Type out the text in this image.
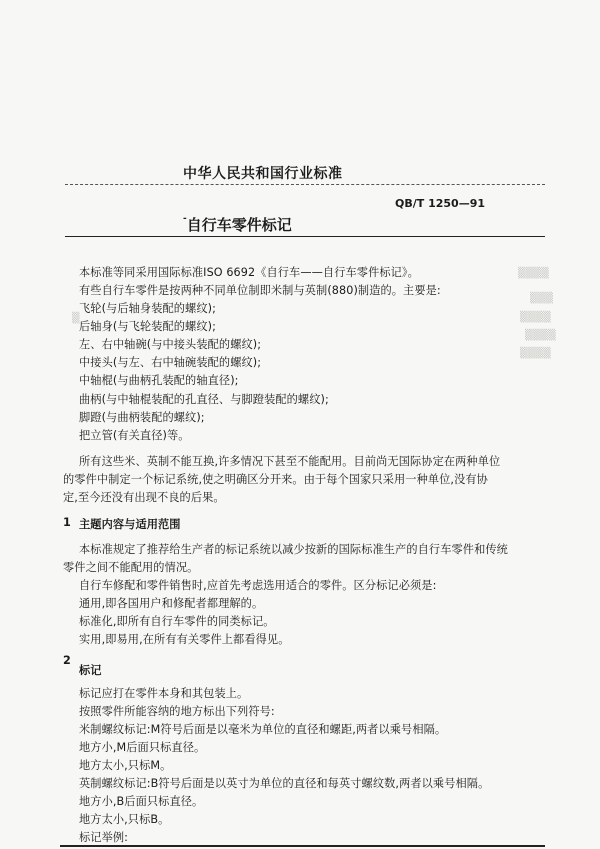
▒▒▒▒
▒▒▒
▒▒▒▒
▒▒▒▒
▒▒▒▒
▒
中华人民共和国行业标准
QB/T 1250—91
-自行车零件标记
本标准等同采用国际标准ISO 6692《自行车——自行车零件标记》。
有些自行车零件是按两种不同单位制即米制与英制(880)制造的。主要是:
飞轮(与后轴身装配的螺纹);
后轴身(与飞轮装配的螺纹);
左、右中轴碗(与中接头装配的螺纹);
中接头(与左、右中轴碗装配的螺纹);
中轴棍(与曲柄孔装配的轴直径);
曲柄(与中轴棍装配的孔直径、与脚蹬装配的螺纹);
脚蹬(与曲柄装配的螺纹);
把立管(有关直径)等。
所有这些米、英制不能互换,许多情况下甚至不能配用。目前尚无国际协定在两种单位
的零件中制定一个标记系统,使之明确区分开来。由于每个国家只采用一种单位,没有协
定,至今还没有出现不良的后果。
1 主题内容与适用范围
本标准规定了推荐给生产者的标记系统以减少按新的国际标准生产的自行车零件和传统
零件之间不能配用的情况。
自行车修配和零件销售时,应首先考虑选用适合的零件。区分标记必须是:
通用,即各国用户和修配者都理解的。
标准化,即所有自行车零件的同类标记。
实用,即易用,在所有有关零件上都看得见。
2
标记
标记应打在零件本身和其包装上。
按照零件所能容纳的地方标出下列符号:
米制螺纹标记:M符号后面是以毫米为单位的直径和螺距,两者以乘号相隔。
地方小,M后面只标直径。
地方太小,只标M。
英制螺纹标记:B符号后面是以英寸为单位的直径和每英寸螺纹数,两者以乘号相隔。
地方小,B后面只标直径。
地方太小,只标B。
标记举例:
